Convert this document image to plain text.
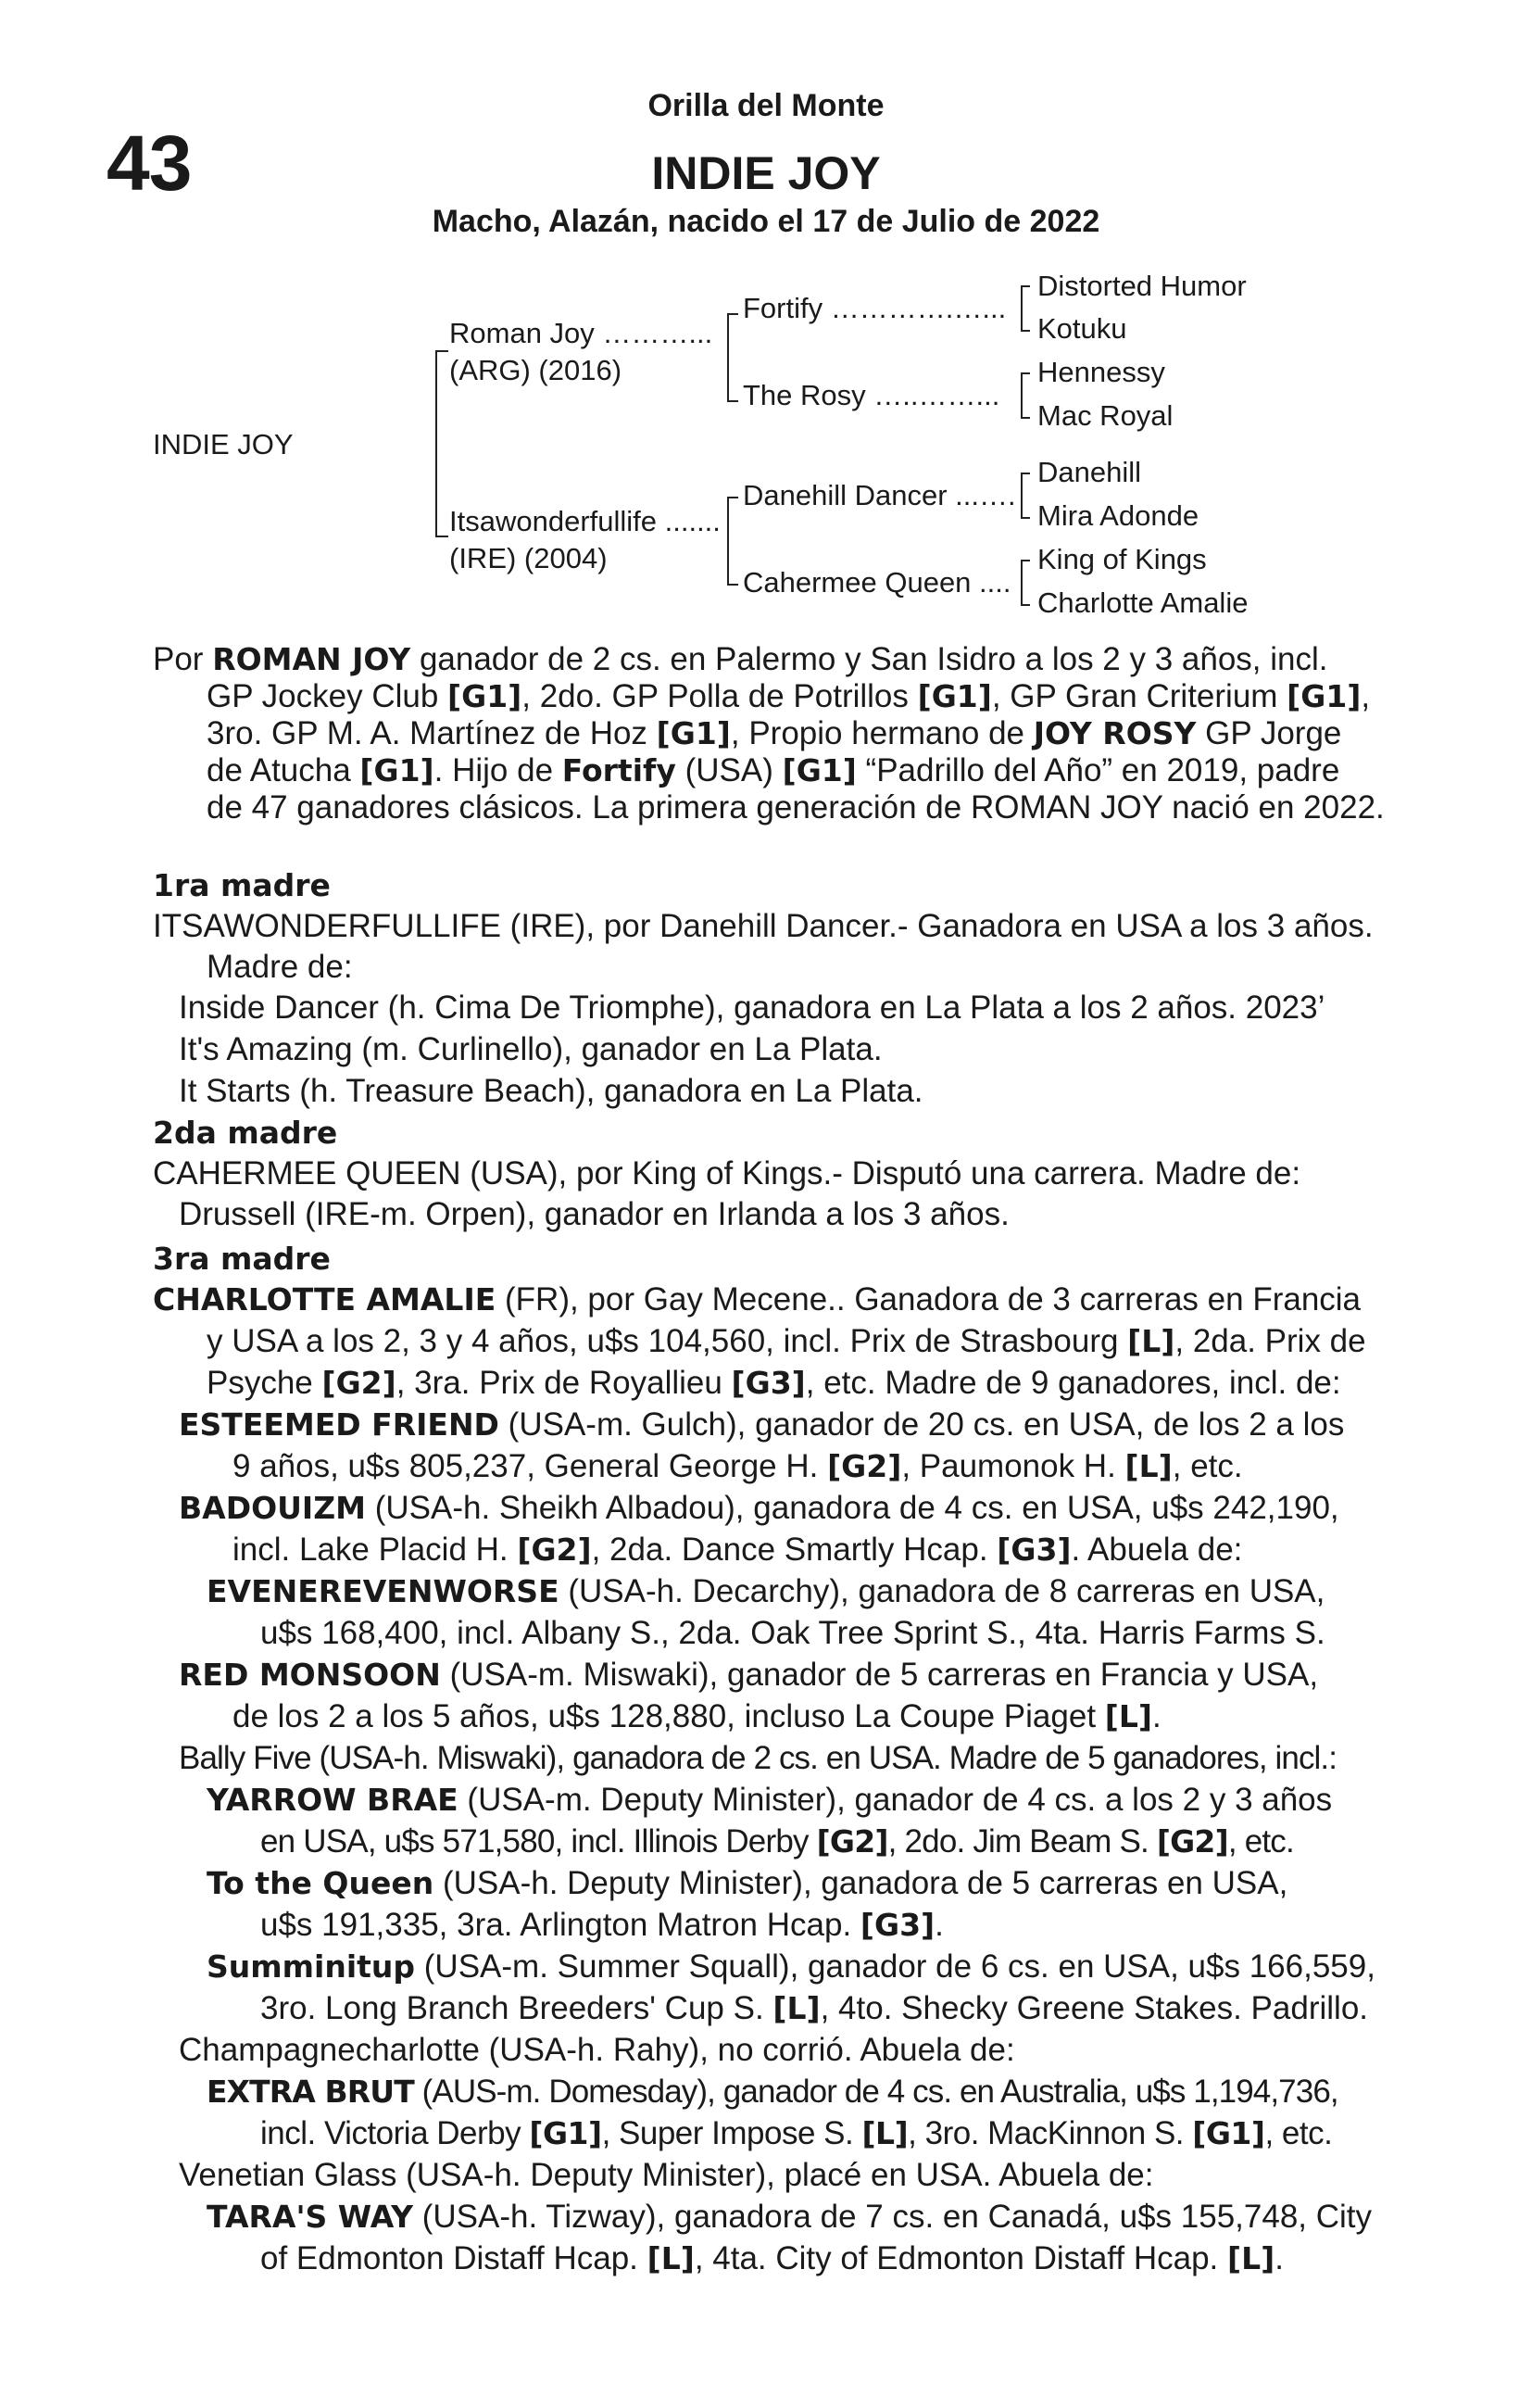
43
Orilla del Monte
INDIE JOY
Macho, Alazán, nacido el 17 de Julio de 2022
INDIE JOY
Roman Joy ………...
(ARG) (2016)
Itsawonderfullife .......
(IRE) (2004)
Fortify ………….…...
The Rosy …..……...
Danehill Dancer ...….
Cahermee Queen ....
Distorted Humor
Kotuku
Hennessy
Mac Royal
Danehill
Mira Adonde
King of Kings
Charlotte Amalie
Por ROMAN JOY ganador de 2 cs. en Palermo y San Isidro a los 2 y 3 años, incl.
GP Jockey Club [G1], 2do. GP Polla de Potrillos [G1], GP Gran Criterium [G1],
3ro. GP M. A. Martínez de Hoz [G1], Propio hermano de JOY ROSY GP Jorge
de Atucha [G1]. Hijo de Fortify (USA) [G1] “Padrillo del Año” en 2019, padre
de 47 ganadores clásicos. La primera generación de ROMAN JOY nació en 2022.
1ra madre
ITSAWONDERFULLIFE (IRE), por Danehill Dancer.- Ganadora en USA a los 3 años.
Madre de:
Inside Dancer (h. Cima De Triomphe), ganadora en La Plata a los 2 años. 2023’
It's Amazing (m. Curlinello), ganador en La Plata.
It Starts (h. Treasure Beach), ganadora en La Plata.
2da madre
CAHERMEE QUEEN (USA), por King of Kings.- Disputó una carrera. Madre de:
Drussell (IRE-m. Orpen), ganador en Irlanda a los 3 años.
3ra madre
CHARLOTTE AMALIE (FR), por Gay Mecene.. Ganadora de 3 carreras en Francia
y USA a los 2, 3 y 4 años, u$s 104,560, incl. Prix de Strasbourg [L], 2da. Prix de
Psyche [G2], 3ra. Prix de Royallieu [G3], etc. Madre de 9 ganadores, incl. de:
ESTEEMED FRIEND (USA-m. Gulch), ganador de 20 cs. en USA, de los 2 a los
9 años, u$s 805,237, General George H. [G2], Paumonok H. [L], etc.
BADOUIZM (USA-h. Sheikh Albadou), ganadora de 4 cs. en USA, u$s 242,190,
incl. Lake Placid H. [G2], 2da. Dance Smartly Hcap. [G3]. Abuela de:
EVENEREVENWORSE (USA-h. Decarchy), ganadora de 8 carreras en USA,
u$s 168,400, incl. Albany S., 2da. Oak Tree Sprint S., 4ta. Harris Farms S.
RED MONSOON (USA-m. Miswaki), ganador de 5 carreras en Francia y USA,
de los 2 a los 5 años, u$s 128,880, incluso La Coupe Piaget [L].
Bally Five (USA-h. Miswaki), ganadora de 2 cs. en USA. Madre de 5 ganadores, incl.:
YARROW BRAE (USA-m. Deputy Minister), ganador de 4 cs. a los 2 y 3 años
en USA, u$s 571,580, incl. Illinois Derby [G2], 2do. Jim Beam S. [G2], etc.
To the Queen (USA-h. Deputy Minister), ganadora de 5 carreras en USA,
u$s 191,335, 3ra. Arlington Matron Hcap. [G3].
Summinitup (USA-m. Summer Squall), ganador de 6 cs. en USA, u$s 166,559,
3ro. Long Branch Breeders' Cup S. [L], 4to. Shecky Greene Stakes. Padrillo.
Champagnecharlotte (USA-h. Rahy), no corrió. Abuela de:
EXTRA BRUT (AUS-m. Domesday), ganador de 4 cs. en Australia, u$s 1,194,736,
incl. Victoria Derby [G1], Super Impose S. [L], 3ro. MacKinnon S. [G1], etc.
Venetian Glass (USA-h. Deputy Minister), placé en USA. Abuela de:
TARA'S WAY (USA-h. Tizway), ganadora de 7 cs. en Canadá, u$s 155,748, City
of Edmonton Distaff Hcap. [L], 4ta. City of Edmonton Distaff Hcap. [L].
